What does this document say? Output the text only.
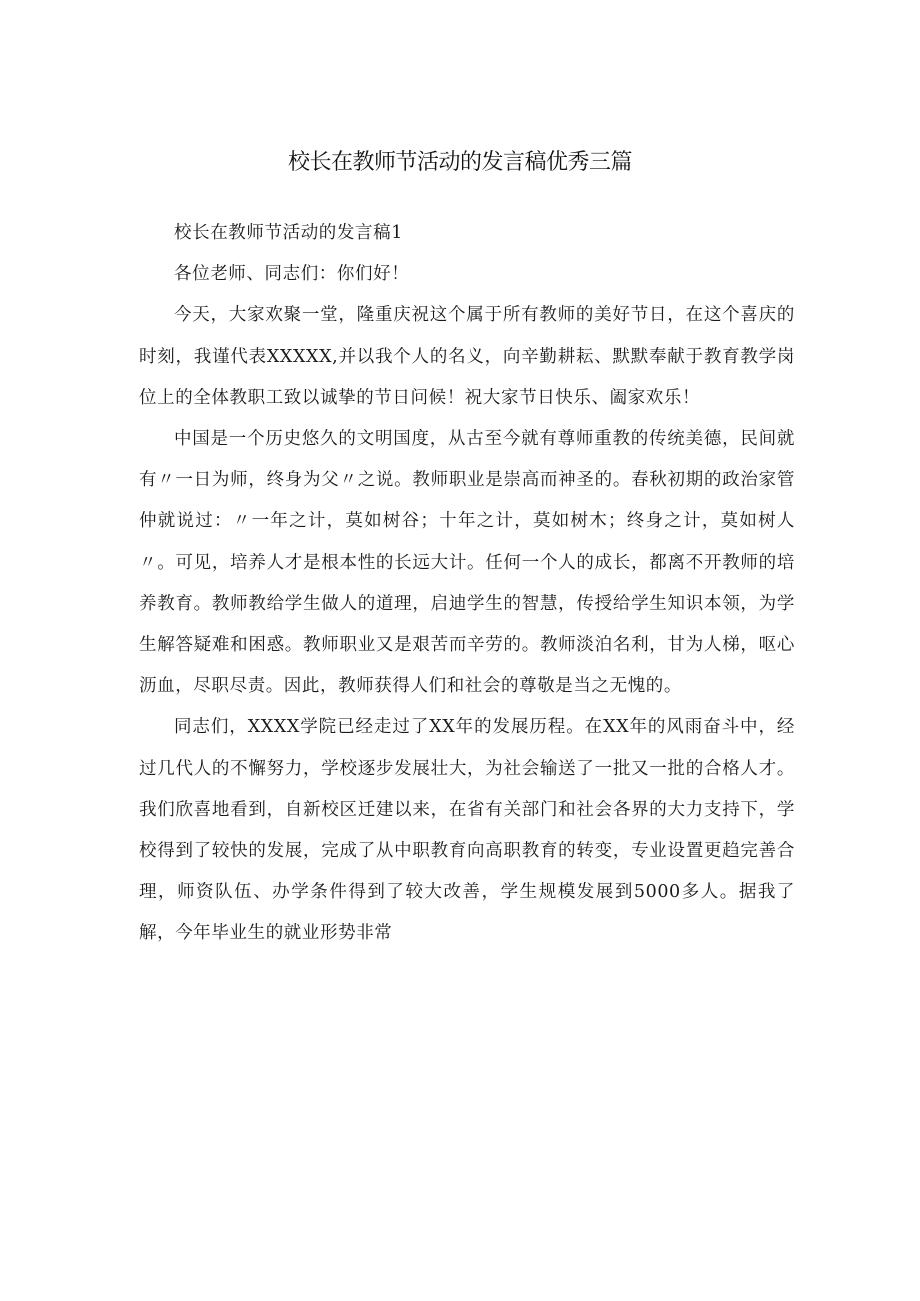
校长在教师节活动的发言稿优秀三篇

校长在教师节活动的发言稿1

各位老师、同志们：你们好！

今天，大家欢聚一堂，隆重庆祝这个属于所有教师的美好节日，在这个喜庆的时刻，我谨代表XXXXX,并以我个人的名义，向辛勤耕耘、默默奉献于教育教学岗位上的全体教职工致以诚挚的节日问候！祝大家节日快乐、阖家欢乐！

中国是一个历史悠久的文明国度，从古至今就有尊师重教的传统美德，民间就有〃一日为师，终身为父〃之说。教师职业是崇高而神圣的。春秋初期的政治家管仲就说过：〃一年之计，莫如树谷；十年之计，莫如树木；终身之计，莫如树人〃。可见，培养人才是根本性的长远大计。任何一个人的成长，都离不开教师的培养教育。教师教给学生做人的道理，启迪学生的智慧，传授给学生知识本领，为学生解答疑难和困惑。教师职业又是艰苦而辛劳的。教师淡泊名利，甘为人梯，呕心沥血，尽职尽责。因此，教师获得人们和社会的尊敬是当之无愧的。

同志们，XXXX学院已经走过了XX年的发展历程。在XX年的风雨奋斗中，经过几代人的不懈努力，学校逐步发展壮大，为社会输送了一批又一批的合格人才。我们欣喜地看到，自新校区迁建以来，在省有关部门和社会各界的大力支持下，学校得到了较快的发展，完成了从中职教育向高职教育的转变，专业设置更趋完善合理，师资队伍、办学条件得到了较大改善，学生规模发展到5000多人。据我了解，今年毕业生的就业形势非常
